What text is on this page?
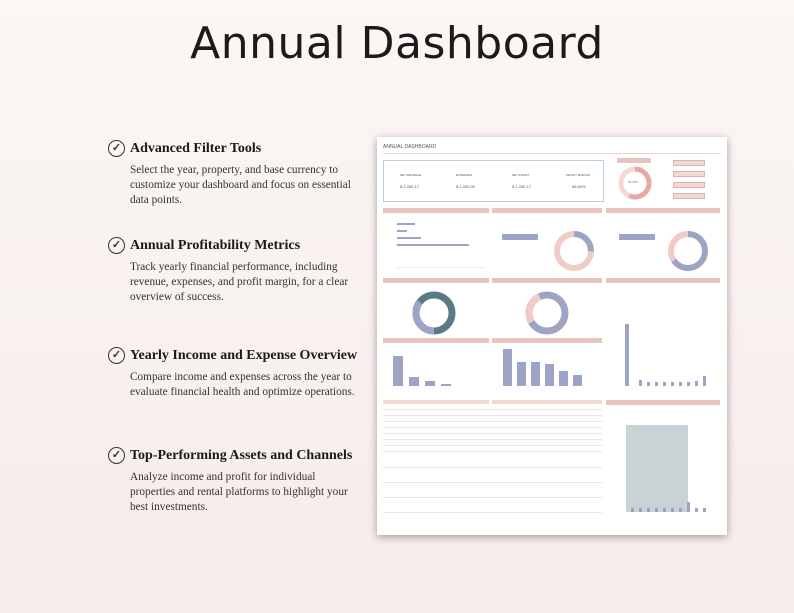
Annual Dashboard
✓ Advanced Filter Tools

Select the year, property, and base currency to customize your dashboard and focus on essential data points.

✓ Annual Profitability Metrics

Track yearly financial performance, including revenue, expenses, and profit margin, for a clear overview of success.

✓ Yearly Income and Expense Overview

Compare income and expenses across the year to evaluate financial health and optimize operations.

✓ Top-Performing Assets and Channels

Analyze income and profit for individual properties and rental platforms to highlight your best investments.

ANNUAL DASHBOARD
NET REVENUE	EXPENSES	NET PROFIT	PROFIT MARGIN
$ 2,350.17	$ 1,020.00	$ 1,330.17	56.60%
56.60%
